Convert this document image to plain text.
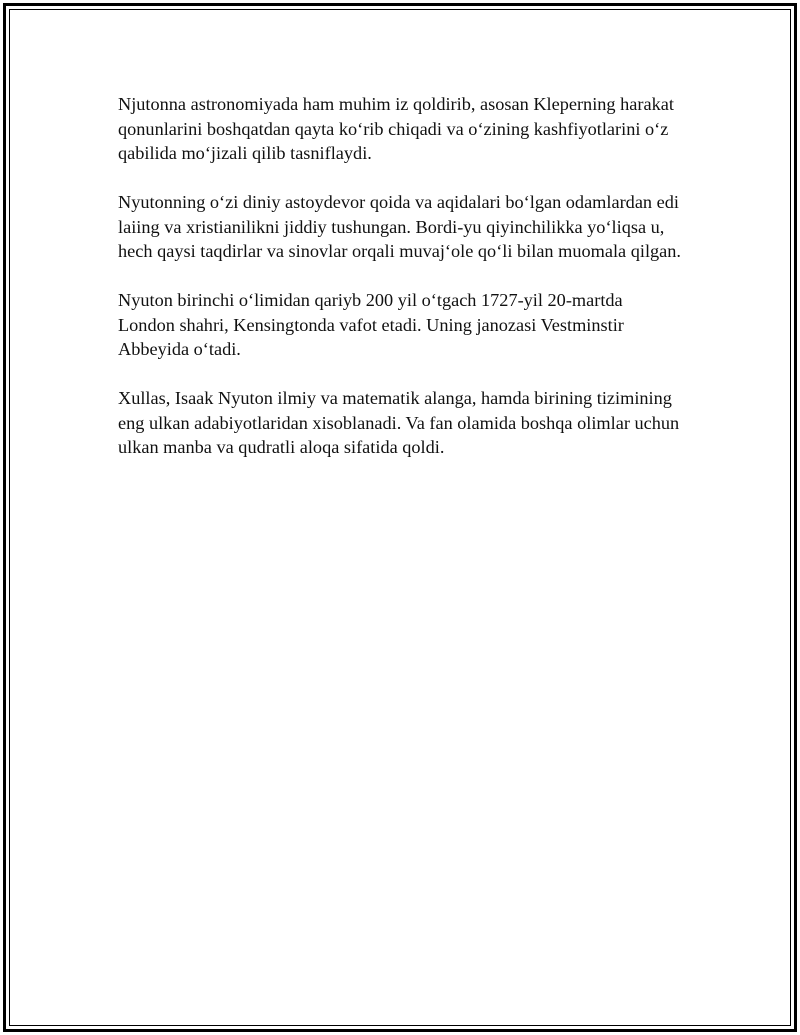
Njutonna astronomiyada ham muhim iz qoldirib, asosan Kleperning harakat
qonunlarini boshqatdan qayta koʻrib chiqadi va oʻzining kashfiyotlarini oʻz
qabilida moʻjizali qilib tasniflaydi.

Nyutonning oʻzi diniy astoydevor qoida va aqidalari boʻlgan odamlardan edi
laiing va xristianilikni jiddiy tushungan. Bordi-yu qiyinchilikka yoʻliqsa u,
hech qaysi taqdirlar va sinovlar orqali muvajʻole qoʻli bilan muomala qilgan.

Nyuton birinchi oʻlimidan qariyb 200 yil oʻtgach 1727-yil 20-martda
London shahri, Kensingtonda vafot etadi. Uning janozasi Vestminstir
Abbeyida oʻtadi.

Xullas, Isaak Nyuton ilmiy va matematik alanga, hamda birining tizimining
eng ulkan adabiyotlaridan xisoblanadi. Va fan olamida boshqa olimlar uchun
ulkan manba va qudratli aloqa sifatida qoldi.
